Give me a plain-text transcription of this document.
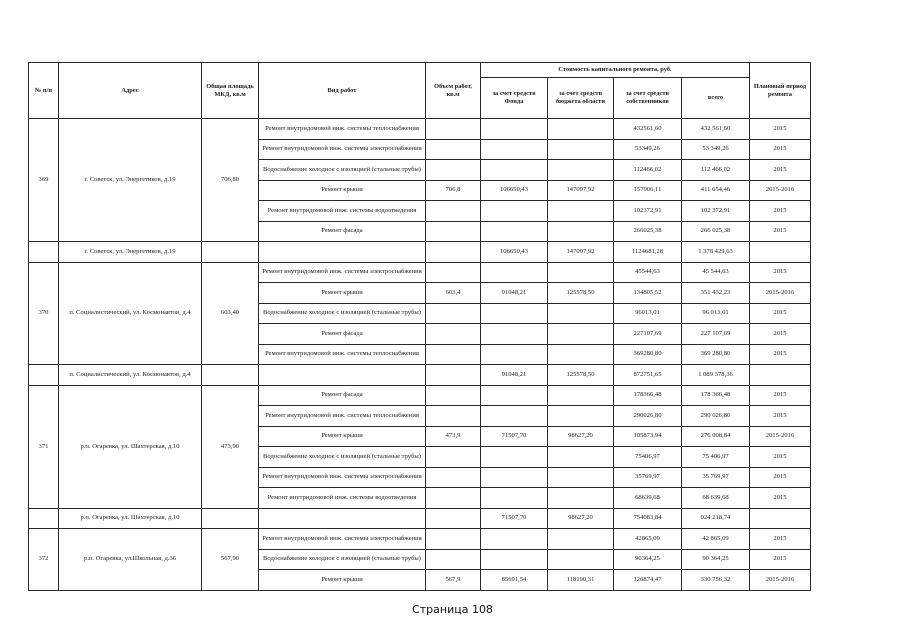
№ п/п	Адрес	Общая площадь МКД, кв.м	Вид работ	Объем работ, кв.м	Стоимость капитального ремонта, руб.				Плановый период ремонта
					за счет средств Фонда	за счет средств бюджета области	за счет средств собственников	всего	
369	г. Советск, ул. Энергетиков, д.19	706,80	Ремонт внутридомовой инж. системы теплоснабжения				432561,60	432 561,60	2015
			Ремонт внутридомовой инж. системы электроснабжения				53349,26	53 349,26	2015
			Водоснабжение холодное с изоляцией (стальные трубы)				112466,02	112 466,02	2015
			Ремонт крыши	706,8	106650,43	147097,92	157906,11	411 654,46	2015-2016
			Ремонт внутридомовой инж. системы водоотведения				102372,91	102 372,91	2015
			Ремонт фасада				266025,38	266 025,38	2015
	г. Советск, ул. Энергетиков, д.19				106650,43	147097,92	1124681,28	1 378 429,63	
370	п. Социалистический, ул. Космонавтов, д.4	603,40	Ремонт внутридомовой инж. системы электроснабжения				45544,63	45 544,63	2015
			Ремонт крыши	603,4	91048,21	125578,50	134805,52	351 432,23	2015-2016
			Водоснабжение холодное с изоляцией (стальные трубы)				96013,01	96 013,01	2015
			Ремонт фасада				227107,69	227 107,69	2015
			Ремонт внутридомовой инж. системы теплоснабжения				369280,80	369 280,80	2015
	п. Социалистический, ул. Космонавтов, д.4				91048,21	125578,50	872751,65	1 089 378,36	
371	р.п. Огаревка, ул. Шахтерская, д.10	473,90	Ремонт фасада				178366,48	178 366,48	2015
			Ремонт внутридомовой инж. системы теплоснабжения				290026,80	290 026,80	2015
			Ремонт крыши	473,9	71507,70	98627,20	105873,94	276 008,84	2015-2016
			Водоснабжение холодное с изоляцией (стальные трубы)				75406,97	75 406,97	2015
			Ремонт внутридомовой инж. системы электроснабжения				35769,97	35 769,97	2015
			Ремонт внутридомовой инж. системы водоотведения				68639,68	68 639,68	2015
	р.п. Огаревка, ул. Шахтерская, д.10				71507,70	98627,20	754083,84	924 218,74	
372	р.п. Огаревка, ул.Школьная, д.36	567,90	Ремонт внутридомовой инж. системы электроснабжения				42865,09	42 865,09	2015
			Водоснабжение холодное с изоляцией (стальные трубы)				90364,25	90 364,25	2015
			Ремонт крыши	567,9	85691,54	118190,31	126874,47	330 756,32	2015-2016
Страница 108
